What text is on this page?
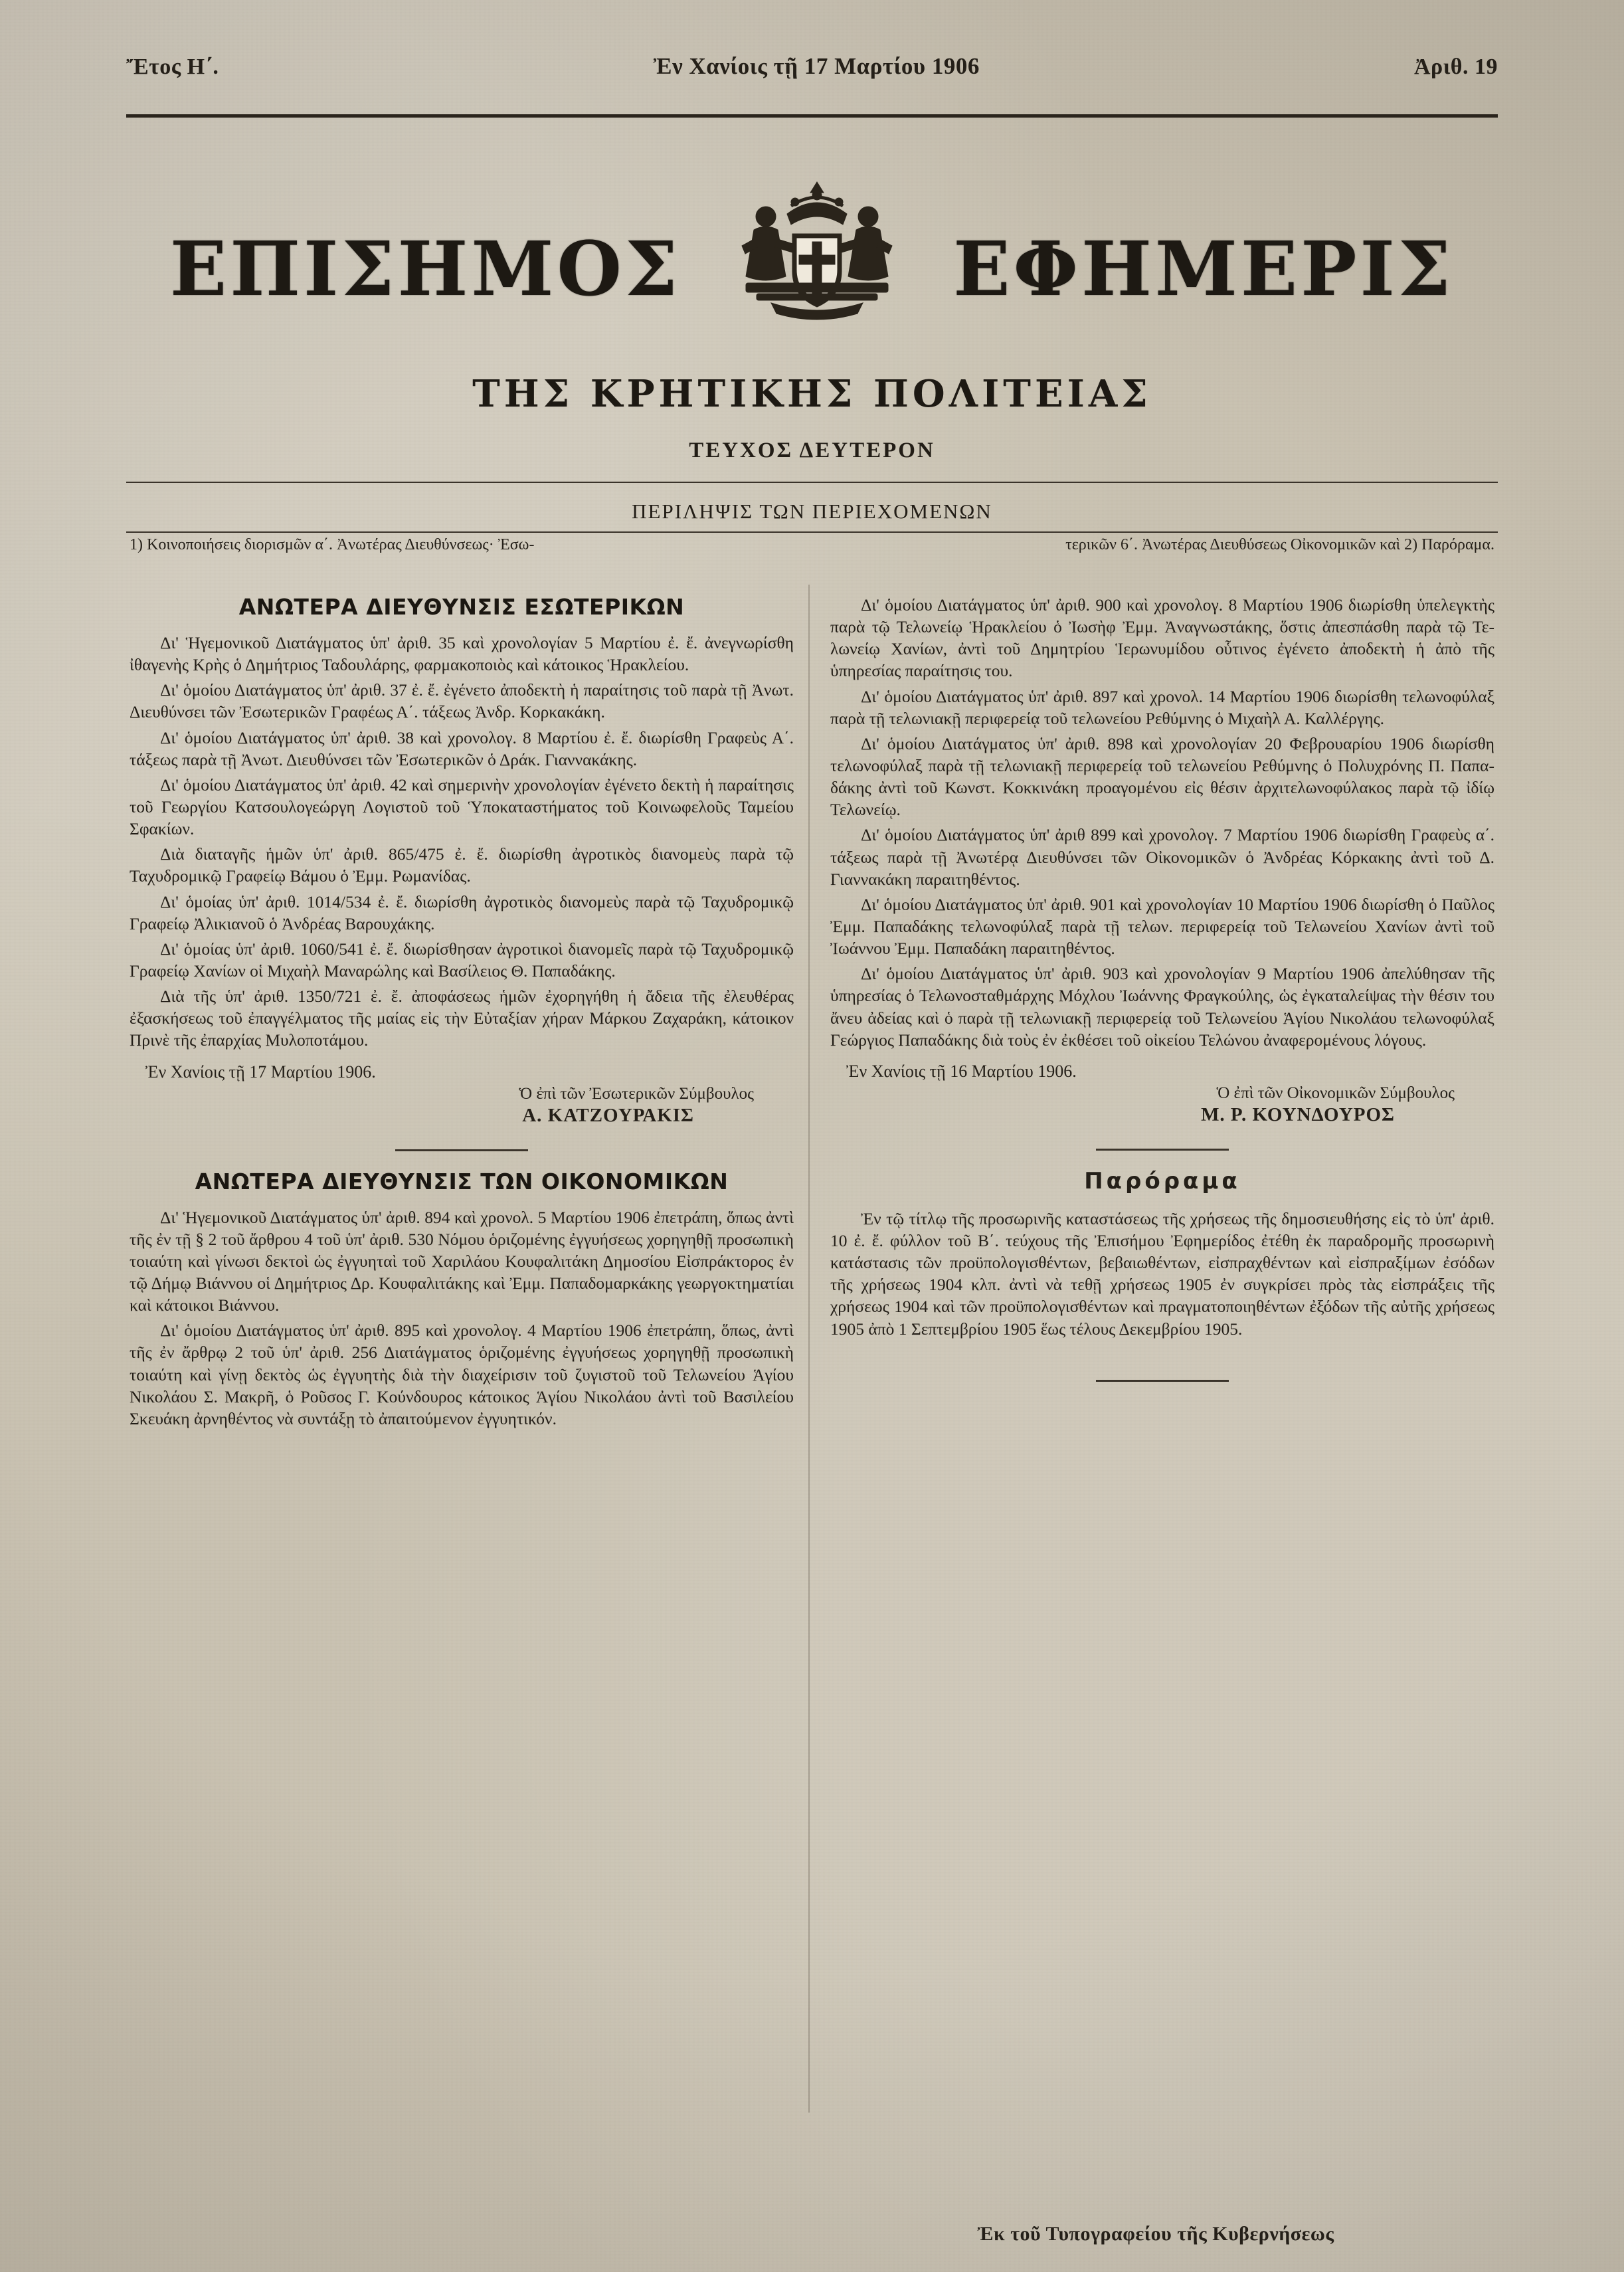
Ἔτος Η΄.	Ἐν Χανίοις τῇ 17 Μαρτίου 1906	Ἀριθ. 19
ΕΠΙΣΗΜΟΣ	ΕΦΗΜΕΡΙΣ
ΤΗΣ ΚΡΗΤΙΚΗΣ ΠΟΛΙΤΕΙΑΣ
ΤΕΥΧΟΣ ΔΕΥΤΕΡΟΝ
ΠΕΡΙΛΗΨΙΣ ΤΩΝ ΠΕΡΙΕΧΟΜΕΝΩΝ
1) Κοινοποιήσεις διορισμῶν α΄. Ἀνωτέρας Διευθύνσεως· Ἐσω-	τερικῶν 6΄. Ἀνωτέρας Διευθύσεως Οἰκονομικῶν καὶ 2) Παρόραμα.
ΑΝΩΤΕΡΑ ΔΙΕΥΘΥΝΣΙΣ ΕΣΩΤΕΡΙΚΩΝ

Δι' Ἡγεμονικοῦ Διατάγματος ὑπ' ἀριθ. 35 καὶ χρονολογίαν 5 Μαρτίου ἐ. ἔ. ἀνεγνωρίσθη ἰθαγενὴς Κρὴς ὁ Δημήτριος Ταδουλάρης, φαρμακοποιὸς καὶ κάτοικος Ἡρακλείου.

Δι' ὁμοίου Διατάγματος ὑπ' ἀριθ. 37 ἐ. ἔ. ἐγένετο ἀποδεκτὴ ἡ παραίτησις τοῦ παρὰ τῇ Ἀνωτ. Διευθύνσει τῶν Ἐσωτερικῶν Γραφέως Α΄. τάξεως Ἀνδρ. Κορκακάκη.

Δι' ὁμοίου Διατάγματος ὑπ' ἀριθ. 38 καὶ χρονολογ. 8 Μαρτίου ἐ. ἔ. διωρίσθη Γραφεὺς Α΄. τάξεως παρὰ τῇ Ἀνωτ. Διευθύνσει τῶν Ἐσωτερικῶν ὁ Δράκ. Γιαννακάκης.

Δι' ὁμοίου Διατάγματος ὑπ' ἀριθ. 42 καὶ σημερινὴν χρονολογίαν ἐγένετο δεκτὴ ἡ παραίτησις τοῦ Γεωργίου Κατσουλογεώργη Λογιστοῦ τοῦ Ὑποκαταστήματος τοῦ Κοινωφελοῦς Ταμείου Σφακίων.

Διὰ διαταγῆς ἡμῶν ὑπ' ἀριθ. 865/475 ἐ. ἔ. διωρίσθη ἀγροτικὸς διανομεὺς παρὰ τῷ Ταχυδρομικῷ Γραφείῳ Βάμου ὁ Ἐμμ. Ρωμανίδας.

Δι' ὁμοίας ὑπ' ἀριθ. 1014/534 ἐ. ἔ. διωρίσθη ἀγροτικὸς διανομεὺς παρὰ τῷ Ταχυδρομικῷ Γραφείῳ Ἀλικιανοῦ ὁ Ἀνδρέας Βαρουχάκης.

Δι' ὁμοίας ὑπ' ἀριθ. 1060/541 ἐ. ἔ. διωρίσθησαν ἀγροτικοὶ διανομεῖς παρὰ τῷ Ταχυδρομικῷ Γραφείῳ Χανίων οἱ Μιχαὴλ Μαναρώλης καὶ Βασίλειος Θ. Παπαδάκης.

Διὰ τῆς ὑπ' ἀριθ. 1350/721 ἐ. ἔ. ἀποφάσεως ἡμῶν ἐχορηγήθη ἡ ἄδεια τῆς ἐλευθέρας ἐξασκήσεως τοῦ ἐπαγγέλματος τῆς μαίας εἰς τὴν Εὐταξίαν χήραν Μάρκου Ζαχαράκη, κάτοικον Πρινὲ τῆς ἐπαρχίας Μυλοποτάμου.

Ἐν Χανίοις τῇ 17 Μαρτίου 1906.

Ὁ ἐπὶ τῶν Ἐσωτερικῶν Σύμβουλος

Α. ΚΑΤΖΟΥΡΑΚΙΣ

ΑΝΩΤΕΡΑ ΔΙΕΥΘΥΝΣΙΣ ΤΩΝ ΟΙΚΟΝΟΜΙΚΩΝ

Δι' Ἡγεμονικοῦ Διατάγματος ὑπ' ἀριθ. 894 καὶ χρονολ. 5 Μαρτίου 1906 ἐπετράπη, ὅπως ἀντὶ τῆς ἐν τῇ § 2 τοῦ ἄρθρου 4 τοῦ ὑπ' ἀριθ. 530 Νόμου ὁριζομένης ἐγγυήσεως χορηγηθῇ προσωπικὴ τοιαύτη καὶ γίνωσι δεκτοὶ ὡς ἐγγυηταὶ τοῦ Χαριλάου Κουφαλιτάκη Δημοσίου Εἰσπράκτορος ἐν τῷ Δήμῳ Βιάννου οἱ Δημήτριος Δρ. Κουφαλιτάκης καὶ Ἐμμ. Παπαδομαρκάκης γεωργοκτηματίαι καὶ κάτοικοι Βιάννου.

Δι' ὁμοίου Διατάγματος ὑπ' ἀριθ. 895 καὶ χρονολογ. 4 Μαρτίου 1906 ἐπετράπη, ὅπως, ἀντὶ τῆς ἐν ἄρθρῳ 2 τοῦ ὑπ' ἀριθ. 256 Διατάγματος ὁριζομένης ἐγγυήσεως χορηγηθῇ προσωπικὴ τοιαύτη καὶ γίνῃ δεκτὸς ὡς ἐγγυητὴς διὰ τὴν διαχείρισιν τοῦ ζυγιστοῦ τοῦ Τελωνείου Ἁγίου Νικολάου Σ. Μακρῆ, ὁ Ροῦσος Γ. Κούνδουρος κάτοικος Ἁγίου Νικολάου ἀντὶ τοῦ Βασιλείου Σκευάκη ἀρνηθέντος νὰ συντάξῃ τὸ ἀπαιτούμενον ἐγγυητικόν.

Δι' ὁμοίου Διατάγματος ὑπ' ἀριθ. 900 καὶ χρονολογ. 8 Μαρτίου 1906 διωρίσθη ὑπελεγκτὴς παρὰ τῷ Τελωνείῳ Ἡρακλείου ὁ Ἰωσὴφ Ἐμμ. Ἀναγνωστάκης, ὅστις ἀπεσπάσθη παρὰ τῷ Τελωνείῳ Χανίων, ἀντὶ τοῦ Δημητρίου Ἱερωνυμίδου οὗτινος ἐγένετο ἀποδεκτὴ ἡ ἀπὸ τῆς ὑπηρεσίας παραίτησις του.

Δι' ὁμοίου Διατάγματος ὑπ' ἀριθ. 897 καὶ χρονολ. 14 Μαρτίου 1906 διωρίσθη τελωνοφύλαξ παρὰ τῇ τελωνιακῇ περιφερείᾳ τοῦ τελωνείου Ρεθύμνης ὁ Μιχαὴλ Α. Καλλέργης.

Δι' ὁμοίου Διατάγματος ὑπ' ἀριθ. 898 καὶ χρονολογίαν 20 Φεβρουαρίου 1906 διωρίσθη τελωνοφύλαξ παρὰ τῇ τελωνιακῇ περιφερείᾳ τοῦ τελωνείου Ρεθύμνης ὁ Πολυχρόνης Π. Παπαδάκης ἀντὶ τοῦ Κωνστ. Κοκκινάκη προαγομένου εἰς θέσιν ἀρχιτελωνοφύλακος παρὰ τῷ ἰδίῳ Τελωνείῳ.

Δι' ὁμοίου Διατάγματος ὑπ' ἀριθ 899 καὶ χρονολογ. 7 Μαρτίου 1906 διωρίσθη Γραφεὺς α΄. τάξεως παρὰ τῇ Ἀνωτέρᾳ Διευθύνσει τῶν Οἰκονομικῶν ὁ Ἀνδρέας Κόρκακης ἀντὶ τοῦ Δ. Γιαννακάκη παραιτηθέντος.

Δι' ὁμοίου Διατάγματος ὑπ' ἀριθ. 901 καὶ χρονολογίαν 10 Μαρτίου 1906 διωρίσθη ὁ Παῦλος Ἐμμ. Παπαδάκης τελωνοφύλαξ παρὰ τῇ τελων. περιφερείᾳ τοῦ Τελωνείου Χανίων ἀντὶ τοῦ Ἰωάννου Ἐμμ. Παπαδάκη παραιτηθέντος.

Δι' ὁμοίου Διατάγματος ὑπ' ἀριθ. 903 καὶ χρονολογίαν 9 Μαρτίου 1906 ἀπελύθησαν τῆς ὑπηρεσίας ὁ Τελωνοσταθμάρχης Μόχλου Ἰωάννης Φραγκούλης, ὡς ἐγκαταλείψας τὴν θέσιν του ἄνευ ἀδείας καὶ ὁ παρὰ τῇ τελωνιακῇ περιφερείᾳ τοῦ Τελωνείου Ἁγίου Νικολάου τελωνοφύλαξ Γεώργιος Παπαδάκης διὰ τοὺς ἐν ἐκθέσει τοῦ οἰκείου Τελώνου ἀναφερομένους λόγους.

Ἐν Χανίοις τῇ 16 Μαρτίου 1906.

Ὁ ἐπὶ τῶν Οἰκονομικῶν Σύμβουλος

Μ. Ρ. ΚΟΥΝΔΟΥΡΟΣ

Παρόραμα

Ἐν τῷ τίτλῳ τῆς προσωρινῆς καταστάσεως τῆς χρήσεως τῆς δημοσιευθήσης εἰς τὸ ὑπ' ἀριθ. 10 ἐ. ἔ. φύλλον τοῦ Β΄. τεύχους τῆς Ἐπισήμου Ἐφημερίδος ἐτέθη ἐκ παραδρομῆς προσωρινὴ κατάστασις τῶν προϋπολογισθέντων, βεβαιωθέντων, εἰσπραχθέντων καὶ εἰσπραξίμων ἐσόδων τῆς χρήσεως 1904 κλπ. ἀντὶ νὰ τεθῇ χρήσεως 1905 ἐν συγκρίσει πρὸς τὰς εἰσπράξεις τῆς χρήσεως 1904 καὶ τῶν προϋπολογισθέντων καὶ πραγματοποιηθέντων ἐξόδων τῆς αὐτῆς χρήσεως 1905 ἀπὸ 1 Σεπτεμβρίου 1905 ἕως τέλους Δεκεμβρίου 1905.

Ἐκ τοῦ Τυπογραφείου τῆς Κυβερνήσεως
